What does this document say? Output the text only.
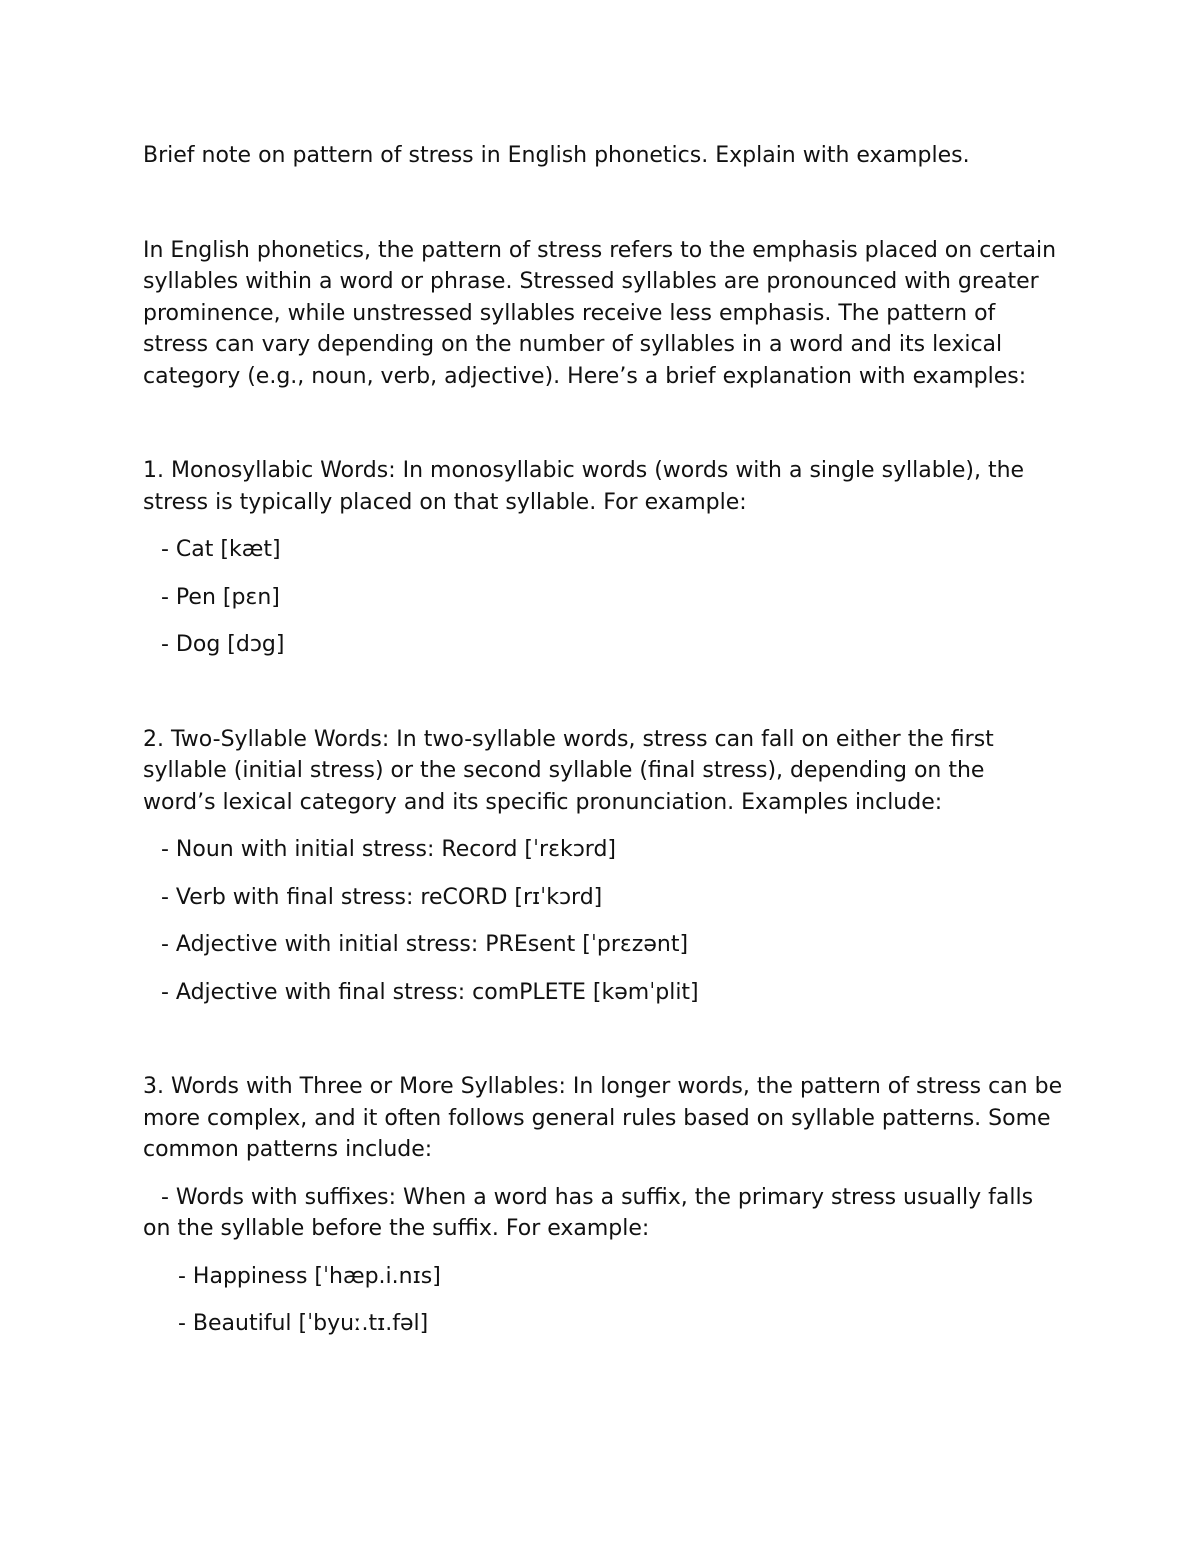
Brief note on pattern of stress in English phonetics. Explain with examples.

In English phonetics, the pattern of stress refers to the emphasis placed on certain syllables within a word or phrase. Stressed syllables are pronounced with greater prominence, while unstressed syllables receive less emphasis. The pattern of stress can vary depending on the number of syllables in a word and its lexical category (e.g., noun, verb, adjective). Here’s a brief explanation with examples:

1. Monosyllabic Words: In monosyllabic words (words with a single syllable), the stress is typically placed on that syllable. For example:

- Cat [kæt]

- Pen [pɛn]

- Dog [dɔg]

2. Two-Syllable Words: In two-syllable words, stress can fall on either the first syllable (initial stress) or the second syllable (final stress), depending on the word’s lexical category and its specific pronunciation. Examples include:

- Noun with initial stress: Record [ˈrɛkɔrd]

- Verb with final stress: reCORD [rɪˈkɔrd]

- Adjective with initial stress: PREsent [ˈprɛzənt]

- Adjective with final stress: comPLETE [kəmˈplit]

3. Words with Three or More Syllables: In longer words, the pattern of stress can be more complex, and it often follows general rules based on syllable patterns. Some common patterns include:

- Words with suffixes: When a word has a suffix, the primary stress usually falls on the syllable before the suffix. For example:

- Happiness [ˈhæp.i.nɪs]

- Beautiful [ˈbyuː.tɪ.fəl]
